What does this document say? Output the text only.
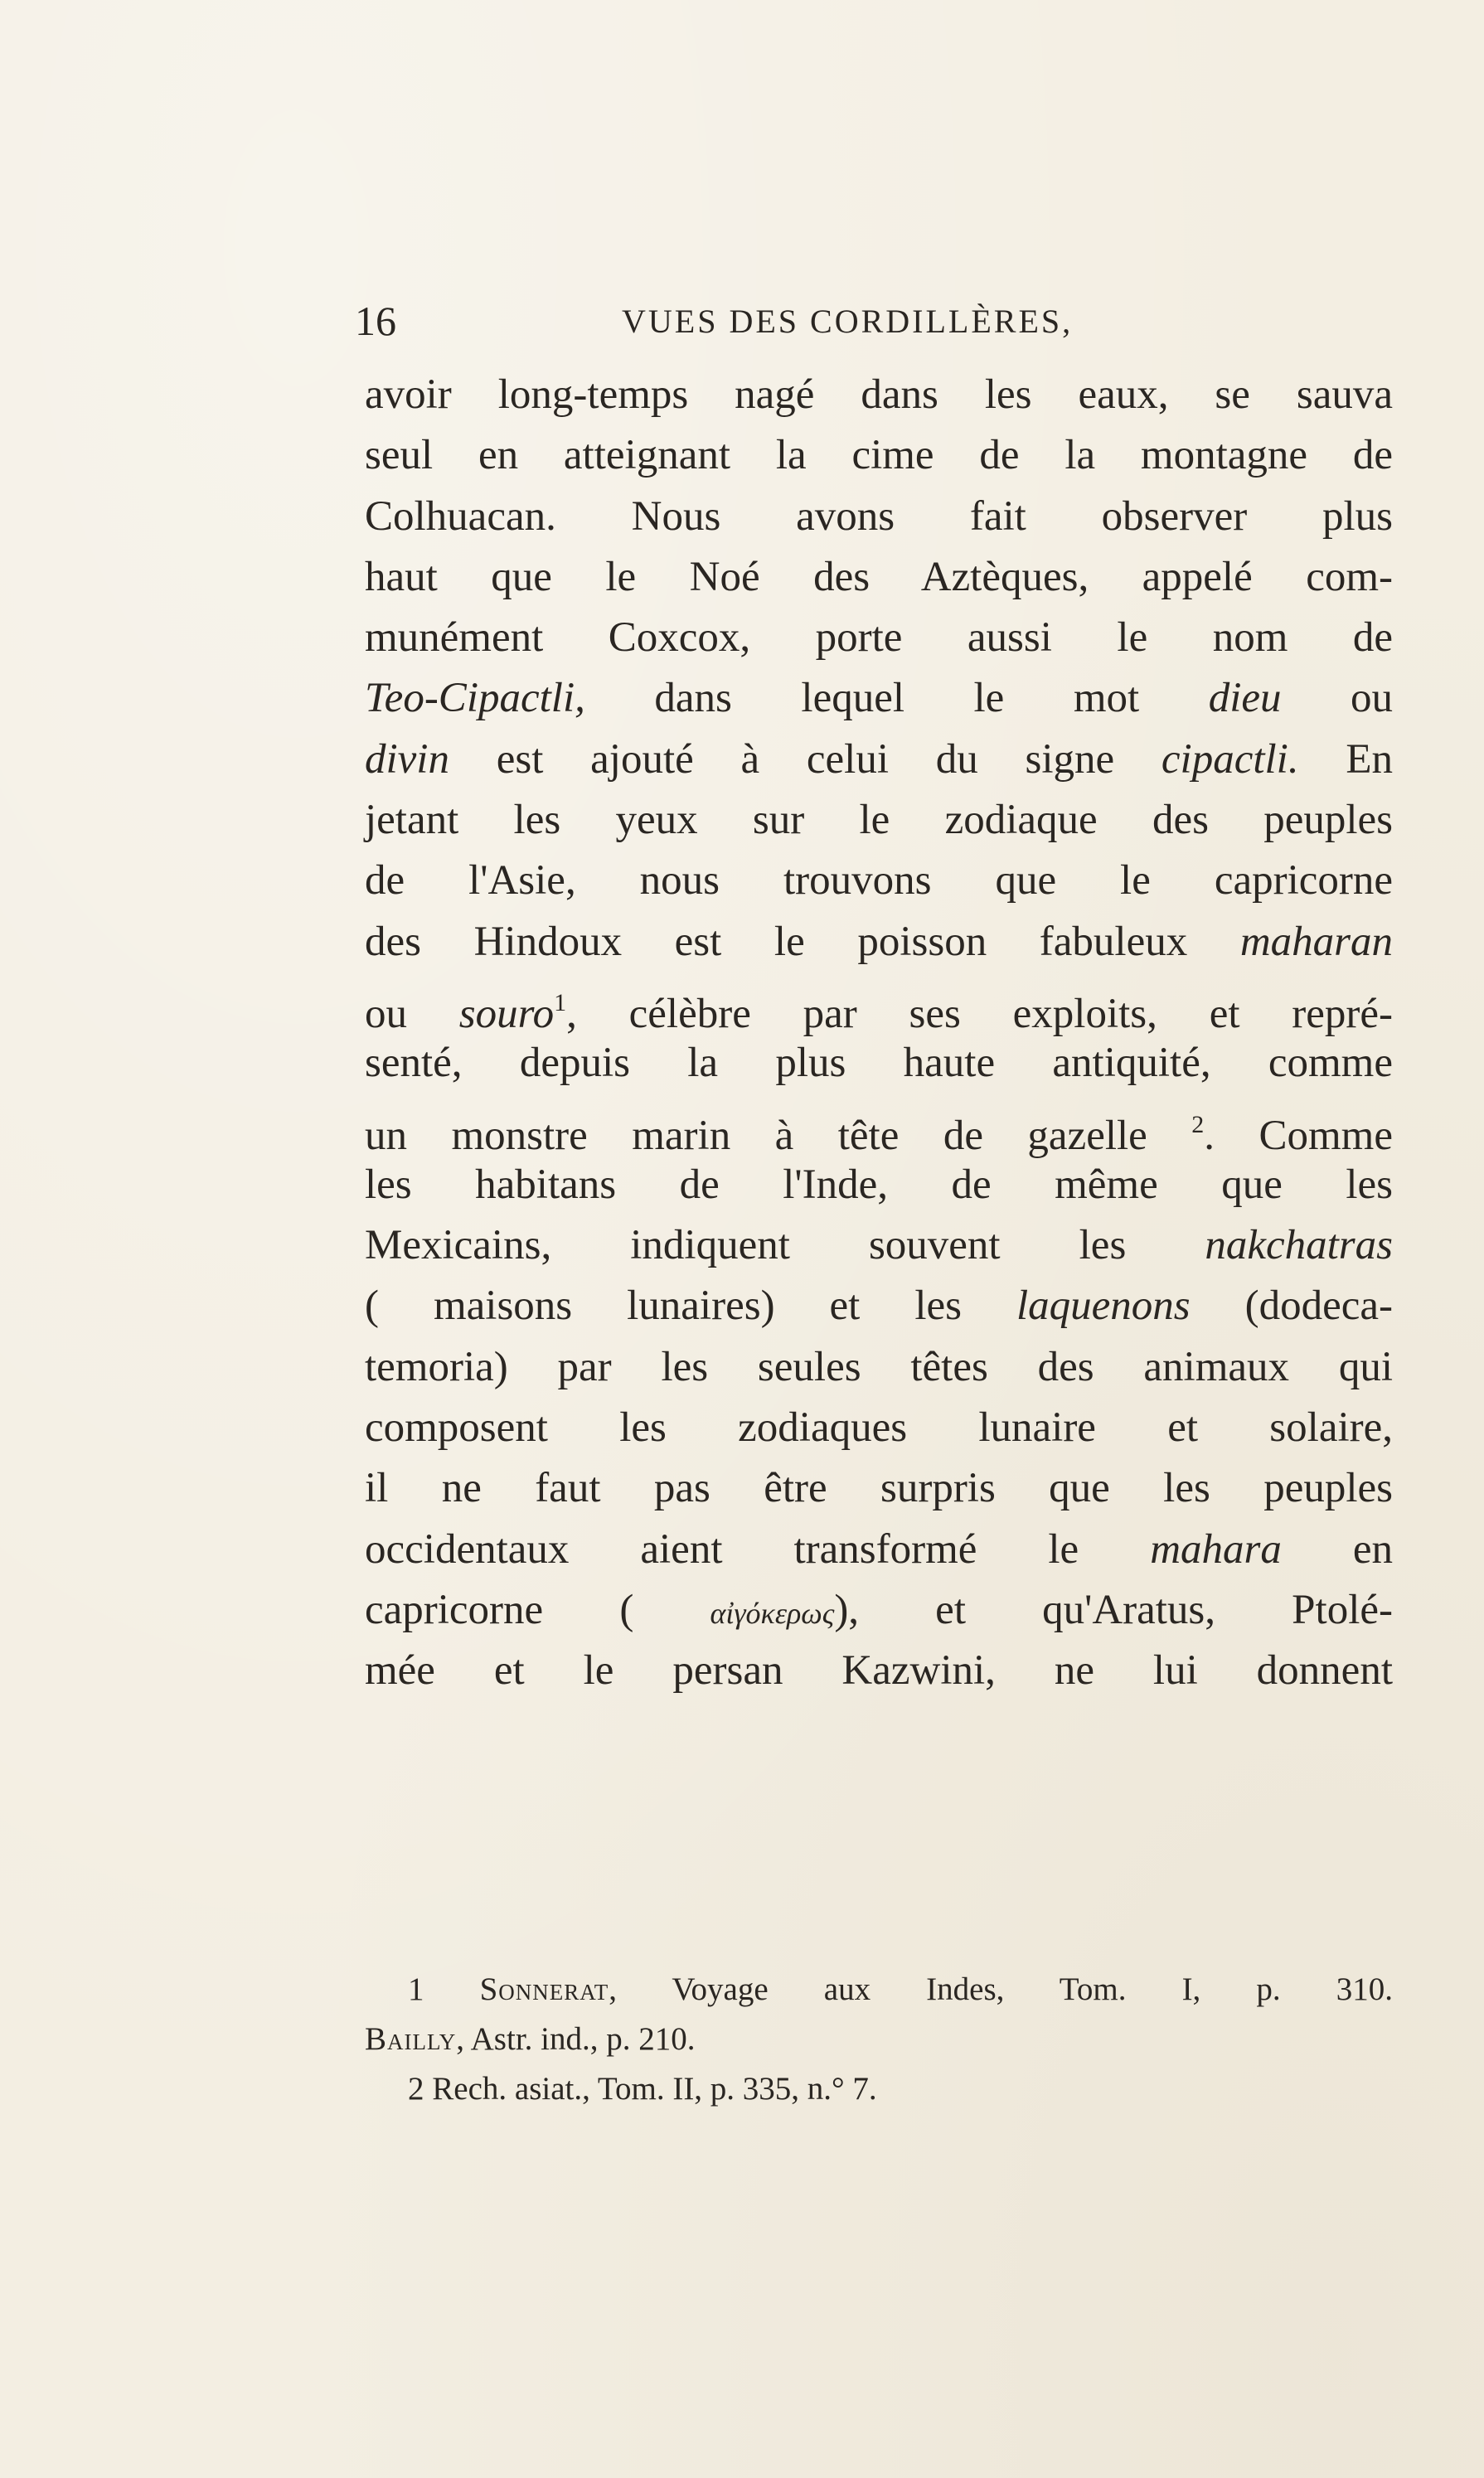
16	VUES DES CORDILLÈRES,
avoir long-temps nagé dans les eaux, se sauva
seul en atteignant la cime de la montagne de
Colhuacan. Nous avons fait observer plus
haut que le Noé des Aztèques, appelé com-
munément Coxcox, porte aussi le nom de
Teo-Cipactli, dans lequel le mot dieu ou
divin est ajouté à celui du signe cipactli. En
jetant les yeux sur le zodiaque des peuples
de l'Asie, nous trouvons que le capricorne
des Hindoux est le poisson fabuleux maharan
ou souro$^1$, célèbre par ses exploits, et repré-
senté, depuis la plus haute antiquité, comme
un monstre marin à tête de gazelle $^2$. Comme
les habitans de l'Inde, de même que les
Mexicains, indiquent souvent les nakchatras
( maisons lunaires) et les laquenons (dodeca-
temoria) par les seules têtes des animaux qui
composent les zodiaques lunaire et solaire,
il ne faut pas être surpris que les peuples
occidentaux aient transformé le mahara en
capricorne (	αἰγόκερως), et qu'Aratus, Ptolé-
mée et le persan Kazwini, ne lui donnent
1 Sonnerat, Voyage aux Indes, Tom. I, p. 310.
Bailly, Astr. ind., p. 210.
2 Rech. asiat., Tom. II, p. 335, n.° 7.
